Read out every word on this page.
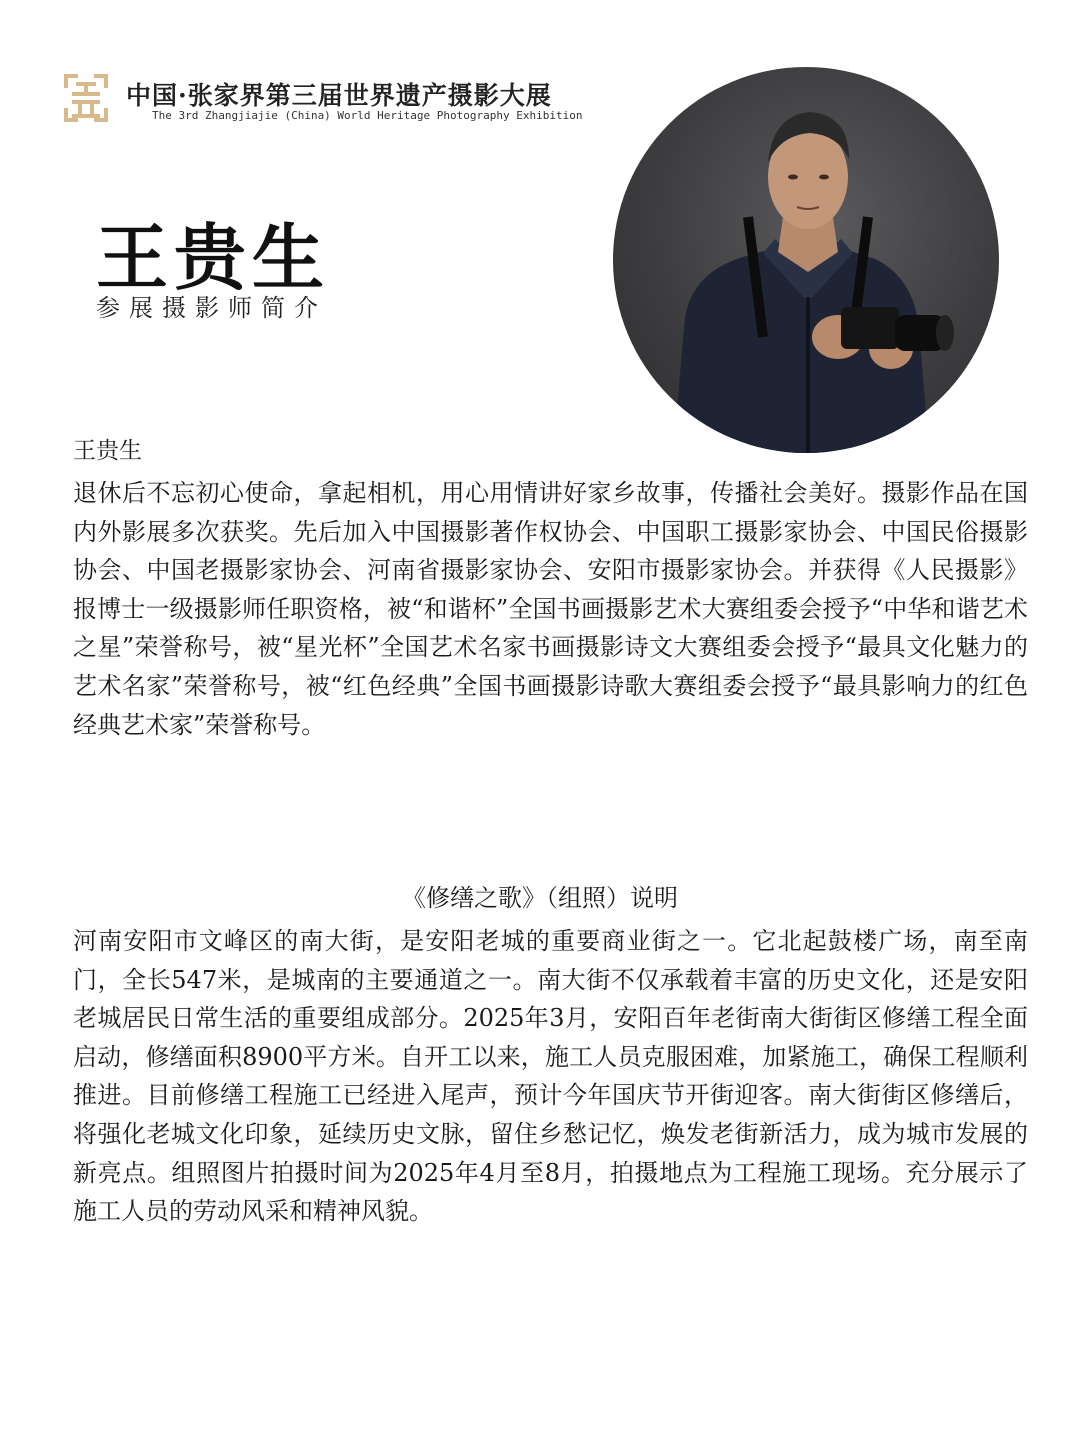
中国·张家界第三届世界遗产摄影大展
The 3rd Zhangjiajie (China) World Heritage Photography Exhibition
王贵生
参展摄影师简介
王贵生

退休后不忘初心使命，拿起相机，用心用情讲好家乡故事，传播社会美好。摄影作品在国内外影展多次获奖。先后加入中国摄影著作权协会、中国职工摄影家协会、中国民俗摄影协会、中国老摄影家协会、河南省摄影家协会、安阳市摄影家协会。并获得《人民摄影》报博士一级摄影师任职资格，被“和谐杯”全国书画摄影艺术大赛组委会授予“中华和谐艺术之星”荣誉称号，被“星光杯”全国艺术名家书画摄影诗文大赛组委会授予“最具文化魅力的艺术名家”荣誉称号，被“红色经典”全国书画摄影诗歌大赛组委会授予“最具影响力的红色经典艺术家”荣誉称号。

《修缮之歌》（组照）说明

河南安阳市文峰区的南大街，是安阳老城的重要商业街之一。它北起鼓楼广场，南至南门，全长547米，是城南的主要通道之一。南大街不仅承载着丰富的历史文化，还是安阳老城居民日常生活的重要组成部分。2025年3月，安阳百年老街南大街街区修缮工程全面启动，修缮面积8900平方米。自开工以来，施工人员克服困难，加紧施工，确保工程顺利推进。目前修缮工程施工已经进入尾声，预计今年国庆节开街迎客。南大街街区修缮后，将强化老城文化印象，延续历史文脉，留住乡愁记忆，焕发老街新活力，成为城市发展的新亮点。组照图片拍摄时间为2025年4月至8月，拍摄地点为工程施工现场。充分展示了施工人员的劳动风采和精神风貌。
